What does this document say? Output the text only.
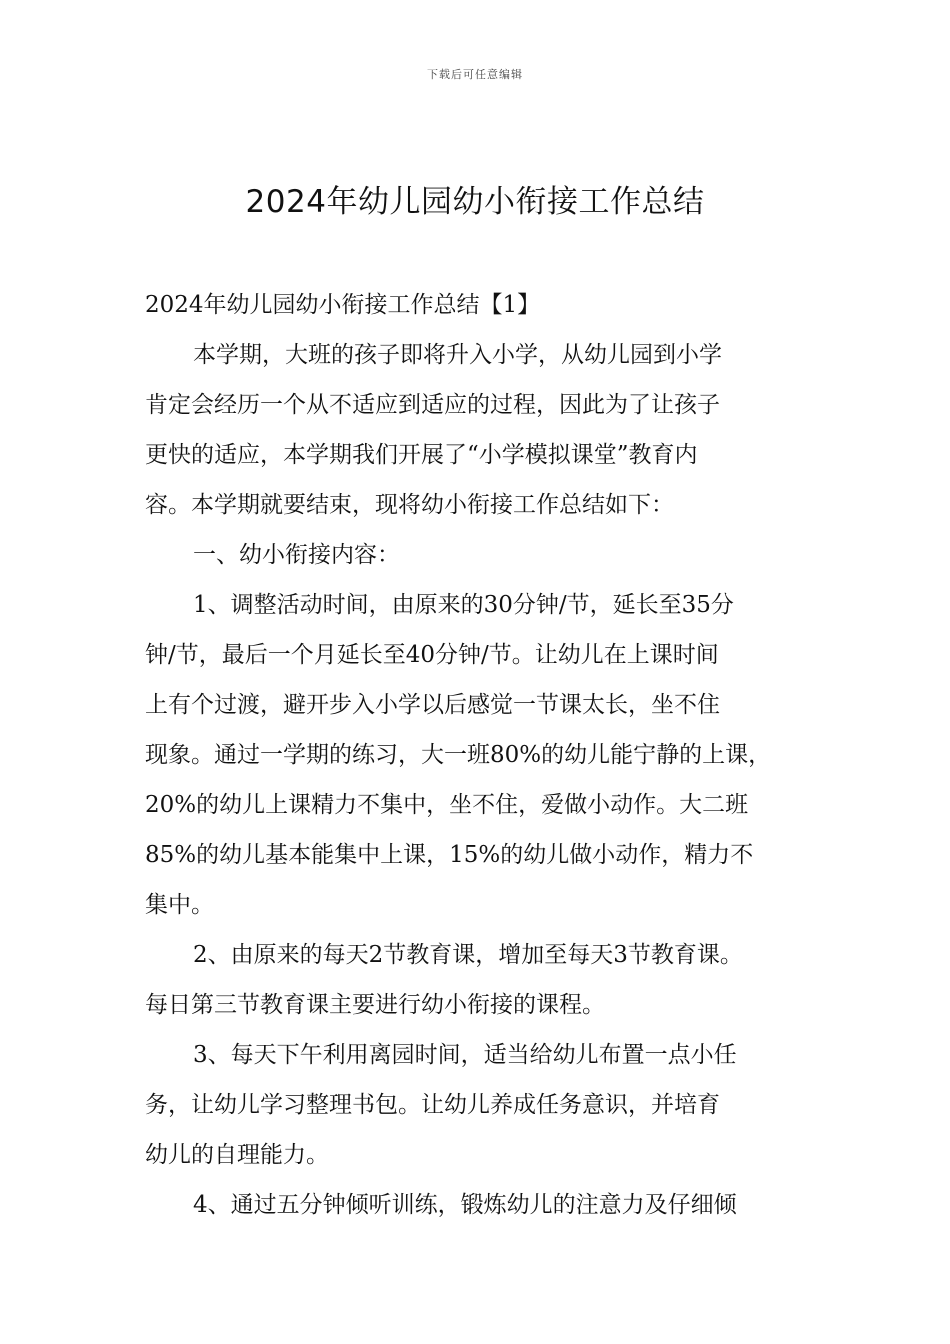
下载后可任意编辑
2024年幼儿园幼小衔接工作总结
2024年幼儿园幼小衔接工作总结【1】
本学期，大班的孩子即将升入小学，从幼儿园到小学
肯定会经历一个从不适应到适应的过程，因此为了让孩子
更快的适应，本学期我们开展了“小学模拟课堂”教育内
容。本学期就要结束，现将幼小衔接工作总结如下：
一、幼小衔接内容：
1、调整活动时间，由原来的30分钟/节，延长至35分
钟/节，最后一个月延长至40分钟/节。让幼儿在上课时间
上有个过渡，避开步入小学以后感觉一节课太长，坐不住
现象。通过一学期的练习，大一班80%的幼儿能宁静的上课，
20%的幼儿上课精力不集中，坐不住，爱做小动作。大二班
85%的幼儿基本能集中上课，15%的幼儿做小动作，精力不
集中。
2、由原来的每天2节教育课，增加至每天3节教育课。
每日第三节教育课主要进行幼小衔接的课程。
3、每天下午利用离园时间，适当给幼儿布置一点小任
务，让幼儿学习整理书包。让幼儿养成任务意识，并培育
幼儿的自理能力。
4、通过五分钟倾听训练，锻炼幼儿的注意力及仔细倾
